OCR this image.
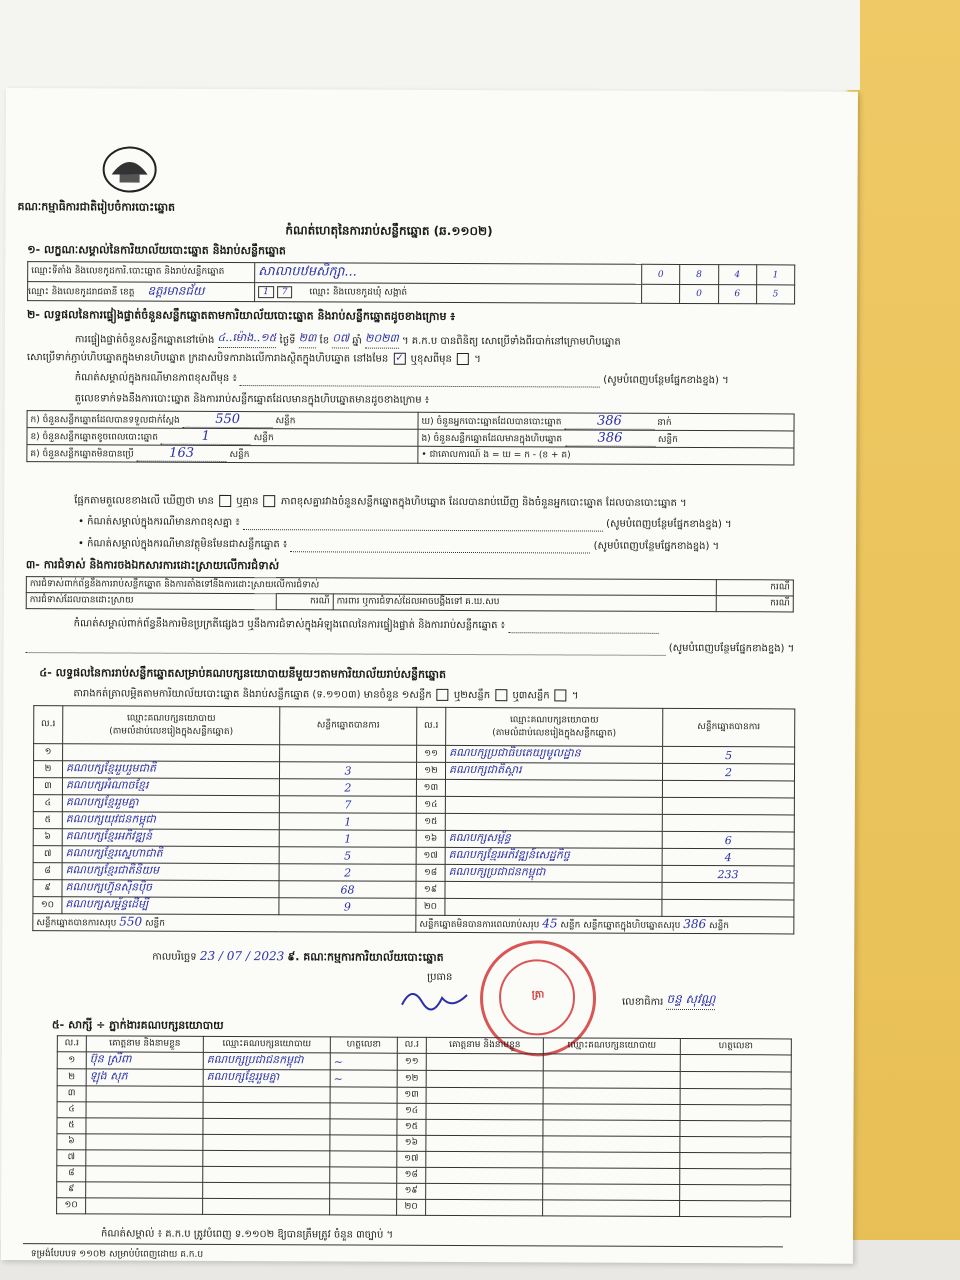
គណៈកម្មាធិការជាតិរៀបចំការបោះឆ្នោត
កំណត់ហេតុនៃការរាប់សន្លឹកឆ្នោត (ឆ.១១០២)
១- លក្ខណៈសម្គាល់នៃការិយាល័យបោះឆ្នោត និងរាប់សន្លឹកឆ្នោត
ឈ្មោះទីតាំង និងលេខកូដការិ.បោះឆ្នោត និងរាប់សន្លឹកឆ្នោត	សាលាបឋមសិក្សា...	0	8	4	1
ឈ្មោះ និងលេខកូដរាជធានី ខេត្ត ឧត្តរមានជ័យ	1 7 ឈ្មោះ និងលេខកូដឃុំ សង្កាត់		0	6	5
២- លទ្ធផលនៃការផ្ទៀងផ្ទាត់ចំនួនសន្លឹកឆ្នោតតាមការិយាល័យបោះឆ្នោត និងរាប់សន្លឹកឆ្នោតដូចខាងក្រោម ៖
ការផ្ទៀងផ្ទាត់ចំនួនសន្លឹកឆ្នោតនៅម៉ោង ៤..ម៉ោង..១៥ ថ្ងៃទី ២៣ ខែ ០៧ ឆ្នាំ ២០២៣ ។ គ.ក.ប បានពិនិត្យ សោប្រើទាំងពីរបាក់នៅក្រោមហិបឆ្នោត
សោប្រើទាក់ភ្ជាប់ហិបឆ្នោតក្នុងមានហិបឆ្នោត ក្រដាសបិទការាងលើការាងស្ថិតក្នុងហិបឆ្នោត នៅងមែន ✓ ឬខុសពីមុន  ។
កំណត់សម្គាល់ក្នុងករណីមានភាពខុសពីមុន ៖	(សូមបំពេញបន្ថែមផ្នែកខាងខ្នង) ។
តួលេខទាក់ទងនឹងការបោះឆ្នោត និងការរាប់សន្លឹកឆ្នោតដែលមានក្នុងហិបឆ្នោតមានដូចខាងក្រោម ៖
ក) ចំនួនសន្លឹកឆ្នោតដែលបានទទួលជាក់ស្តែង 550 សន្លឹក	ឃ) ចំនួនអ្នកបោះឆ្នោតដែលបានបោះឆ្នោត 386 នាក់
ខ) ចំនួនសន្លឹកឆ្នោតខូចពេលបោះឆ្នោត 1 សន្លឹក	ង) ចំនួនសន្លឹកឆ្នោតដែលមានក្នុងហិបឆ្នោត 386 សន្លឹក
គ) ចំនួនសន្លឹកឆ្នោតមិនបានប្រើ 163 សន្លឹក	• ជាគោលការណ៍ ង = ឃ = ក - (ខ + គ)
ផ្អែកតាមតួលេខខាងលើ ឃើញថា មាន ឬគ្មាន ភាពខុសគ្នារវាងចំនួនសន្លឹកឆ្នោតក្នុងហិបឆ្នោត ដែលបានរាប់ឃើញ និងចំនួនអ្នកបោះឆ្នោត ដែលបានបោះឆ្នោត ។
• កំណត់សម្គាល់ក្នុងករណីមានភាពខុសគ្នា ៖	(សូមបំពេញបន្ថែមផ្នែកខាងខ្នង) ។
• កំណត់សម្គាល់ក្នុងករណីមានវត្ថុមិនមែនជាសន្លឹកឆ្នោត ៖	(សូមបំពេញបន្ថែមផ្នែកខាងខ្នង) ។
៣- ការជំទាស់ និងការចងឯកសារការដោះស្រាយលើការជំទាស់
ការជំទាស់ពាក់ព័ន្ធនឹងការរាប់សន្លឹកឆ្នោត និងការតាំងទៅនឹងការដោះស្រាយលើការជំទាស់			ករណី
ការជំទាស់ដែលបានដោះស្រាយ	ករណី	ការពារ ឬការជំទាស់ដែលអាចបង្គីងទៅ គ.ឃ.សប	ករណី
កំណត់សម្គាល់ពាក់ព័ន្ធនឹងការមិនប្រក្រតីផ្សេងៗ ឬនឹងការជំទាស់ក្នុងអំឡុងពេលនៃការផ្ទៀងផ្ទាត់ និងការរាប់សន្លឹកឆ្នោត ៖
(សូមបំពេញបន្ថែមផ្នែកខាងខ្នង) ។
៤- លទ្ធផលនៃការរាប់សន្លឹកឆ្នោតសម្រាប់គណបក្សនយោបាយនីមួយៗតាមការិយាល័យរាប់សន្លឹកឆ្នោត
តារាងកត់ត្រាលម្អិតតាមការិយាល័យបោះឆ្នោត និងរាប់សន្លឹកឆ្នោត (ទ.១១០៣) មានចំនួន ១សន្លឹក ឬ២សន្លឹក ឬ៣សន្លឹក  ។
ល.រ	ឈ្មោះគណបក្សនយោបាយ
(តាមលំដាប់លេខរៀងក្នុងសន្លឹកឆ្នោត)	សន្លឹកឆ្នោតបានការ	ល.រ	ឈ្មោះគណបក្សនយោបាយ
(តាមលំដាប់លេខរៀងក្នុងសន្លឹកឆ្នោត)	សន្លឹកឆ្នោតបានការ
១			១១	គណបក្សប្រជាធិបតេយ្យមូលដ្ឋាន	5
២	គណបក្សខ្មែររួបរួមជាតិ	3	១២	គណបក្សជាតិស្តារ	2
៣	គណបក្សអំណាចខ្មែរ	2	១៣		
៤	គណបក្សខ្មែររួមគ្នា	7	១៤		
៥	គណបក្សយុវជនកម្ពុជា	1	១៥		
៦	គណបក្សខ្មែរអភិវឌ្ឍន៍	1	១៦	គណបក្សសម្ព័ន្ធ	6
៧	គណបក្សខ្មែរស្នេហាជាតិ	5	១៧	គណបក្សខ្មែរអភិវឌ្ឍន៍សេដ្ឋកិច្ច	4
៨	គណបក្សខ្មែរជាតិនិយម	2	១៨	គណបក្សប្រជាជនកម្ពុជា	233
៩	គណបក្សហ៊្វុនស៊ិនប៉ិច	68	១៩		
១០	គណបក្សសម្ព័ន្ធដើម្បី	9	២០		
សន្លឹកឆ្នោតបានការសរុប 550 សន្លឹក			សន្លឹកឆ្នោតមិនបានការពេលរាប់សរុប 45 សន្លឹក សន្លឹកឆ្នោតក្នុងហិបឆ្នោតសរុប 386 សន្លឹក		
កាលបរិច្ឆេទ 23 / 07 / 2023 ៩. គណៈកម្មការការិយាល័យបោះឆ្នោត
ប្រធាន
ត្រា
លេខាធិការ ចន្ទ សុវណ្ណ
៥- សាក្សី ÷ ភ្នាក់ងារគណបក្សនយោបាយ
ល.រ	គោត្តនាម និងនាមខ្លួន	ឈ្មោះគណបក្សនយោបាយ	ហត្ថលេខា	ល.រ	គោត្តនាម និងនាមខ្លួន	ឈ្មោះគណបក្សនយោបាយ	ហត្ថលេខា
១	ប៊ុន ស្រីពា	គណបក្សប្រជាជនកម្ពុជា	~	១១			
២	ឡុង សុភ	គណបក្សខ្មែររួមគ្នា	~	១២			
៣				១៣			
៤				១៤			
៥				១៥			
៦				១៦			
៧				១៧			
៨				១៨			
៩				១៩			
១០				២០			
កំណត់សម្គាល់ ៖ គ.ក.ប ត្រូវបំពេញ ទ.១១០២ ឱ្យបានត្រឹមត្រូវ ចំនួន ៣ច្បាប់ ។
ទម្រង់បែបបទ ១១០២ សម្រាប់បំពេញដោយ គ.ក.ប
